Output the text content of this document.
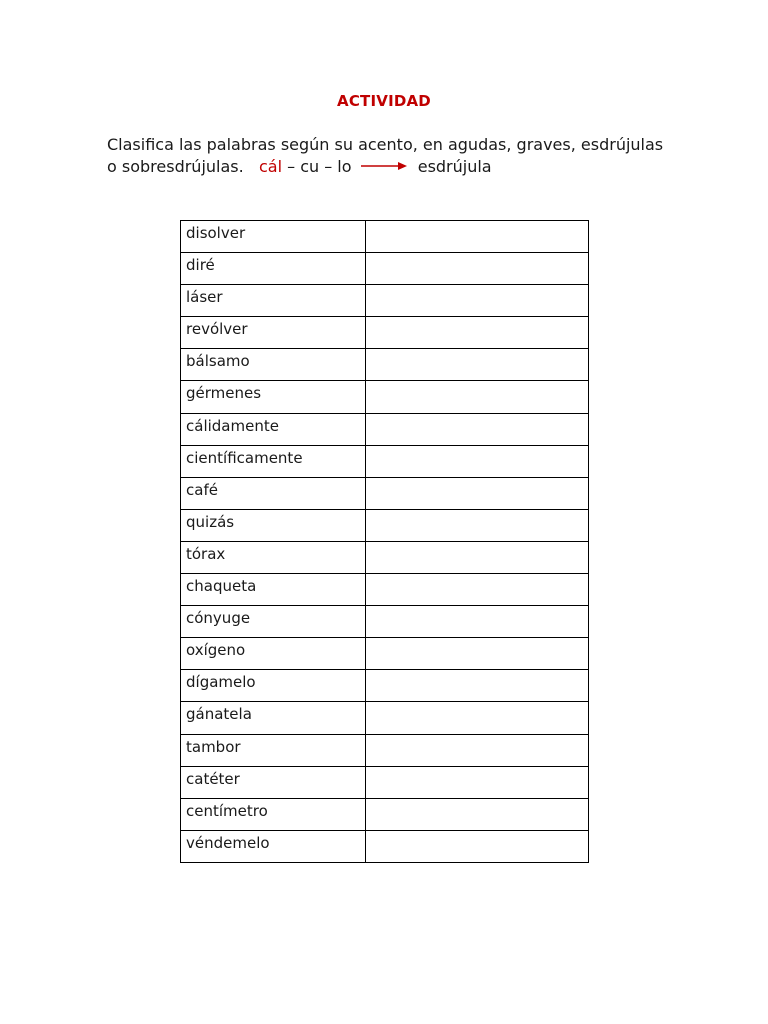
ACTIVIDAD
Clasifica las palabras según su acento, en agudas, graves, esdrújulas o sobresdrújulas. cál – cu – lo	esdrújula
disolver	
diré	
láser	
revólver	
bálsamo	
gérmenes	
cálidamente	
científicamente	
café	
quizás	
tórax	
chaqueta	
cónyuge	
oxígeno	
dígamelo	
gánatela	
tambor	
catéter	
centímetro	
véndemelo	
